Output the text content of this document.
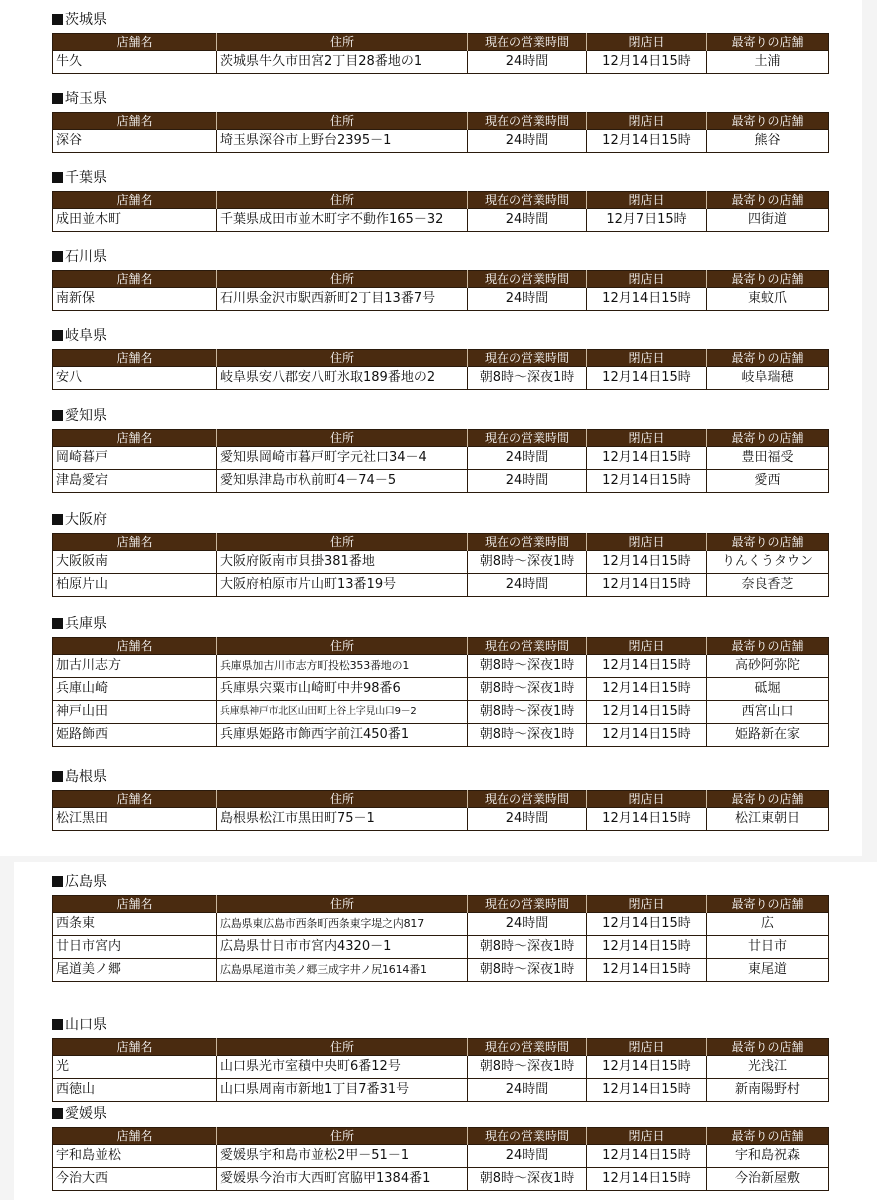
茨城県
店舗名	住所	現在の営業時間	閉店日	最寄りの店舗
牛久	茨城県牛久市田宮2丁目28番地の1	24時間	12月14日15時	土浦
埼玉県
店舗名	住所	現在の営業時間	閉店日	最寄りの店舗
深谷	埼玉県深谷市上野台2395－1	24時間	12月14日15時	熊谷
千葉県
店舗名	住所	現在の営業時間	閉店日	最寄りの店舗
成田並木町	千葉県成田市並木町字不動作165－32	24時間	12月7日15時	四街道
石川県
店舗名	住所	現在の営業時間	閉店日	最寄りの店舗
南新保	石川県金沢市駅西新町2丁目13番7号	24時間	12月14日15時	東蚊爪
岐阜県
店舗名	住所	現在の営業時間	閉店日	最寄りの店舗
安八	岐阜県安八郡安八町氷取189番地の2	朝8時～深夜1時	12月14日15時	岐阜瑞穂
愛知県
店舗名	住所	現在の営業時間	閉店日	最寄りの店舗
岡崎暮戸	愛知県岡崎市暮戸町字元社口34－4	24時間	12月14日15時	豊田福受
津島愛宕	愛知県津島市杁前町4－74－5	24時間	12月14日15時	愛西
大阪府
店舗名	住所	現在の営業時間	閉店日	最寄りの店舗
大阪阪南	大阪府阪南市貝掛381番地	朝8時～深夜1時	12月14日15時	りんくうタウン
柏原片山	大阪府柏原市片山町13番19号	24時間	12月14日15時	奈良香芝
兵庫県
店舗名	住所	現在の営業時間	閉店日	最寄りの店舗
加古川志方	兵庫県加古川市志方町投松353番地の1	朝8時～深夜1時	12月14日15時	高砂阿弥陀
兵庫山崎	兵庫県宍粟市山崎町中井98番6	朝8時～深夜1時	12月14日15時	砥堀
神戸山田	兵庫県神戸市北区山田町上谷上字見山口9－2	朝8時～深夜1時	12月14日15時	西宮山口
姫路飾西	兵庫県姫路市飾西字前江450番1	朝8時～深夜1時	12月14日15時	姫路新在家
島根県
店舗名	住所	現在の営業時間	閉店日	最寄りの店舗
松江黒田	島根県松江市黒田町75－1	24時間	12月14日15時	松江東朝日
広島県
店舗名	住所	現在の営業時間	閉店日	最寄りの店舗
西条東	広島県東広島市西条町西条東字堤之内817	24時間	12月14日15時	広
廿日市宮内	広島県廿日市市宮内4320－1	朝8時～深夜1時	12月14日15時	廿日市
尾道美ノ郷	広島県尾道市美ノ郷三成字井ノ尻1614番1	朝8時～深夜1時	12月14日15時	東尾道
山口県
店舗名	住所	現在の営業時間	閉店日	最寄りの店舗
光	山口県光市室積中央町6番12号	朝8時～深夜1時	12月14日15時	光浅江
西徳山	山口県周南市新地1丁目7番31号	24時間	12月14日15時	新南陽野村
愛媛県
店舗名	住所	現在の営業時間	閉店日	最寄りの店舗
宇和島並松	愛媛県宇和島市並松2甲－51－1	24時間	12月14日15時	宇和島祝森
今治大西	愛媛県今治市大西町宮脇甲1384番1	朝8時～深夜1時	12月14日15時	今治新屋敷
